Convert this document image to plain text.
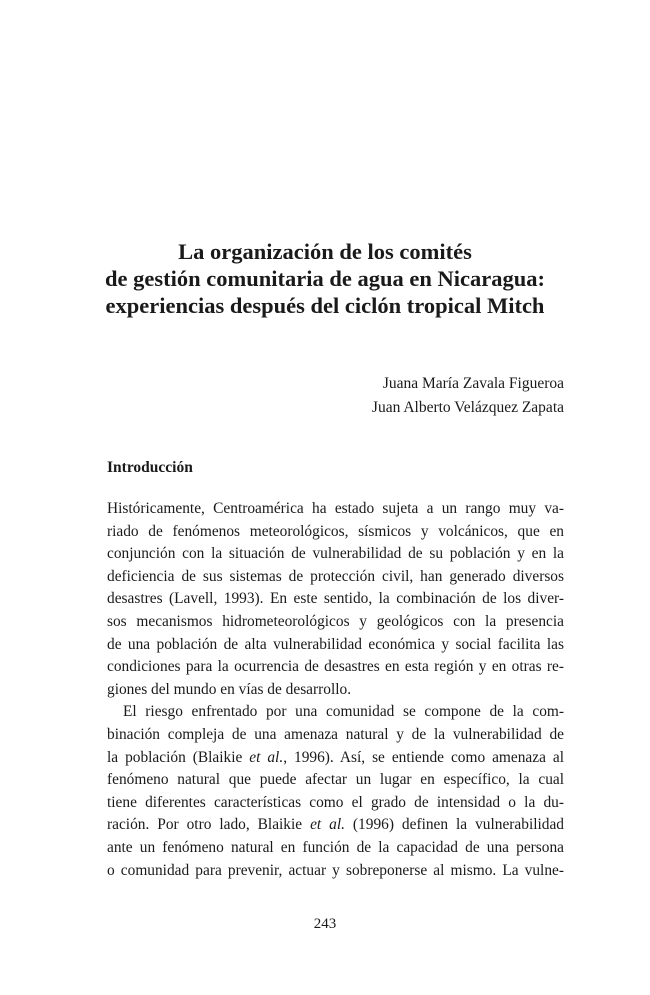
La organización de los comités
de gestión comunitaria de agua en Nicaragua:
experiencias después del ciclón tropical Mitch
Juana María Zavala Figueroa
Juan Alberto Velázquez Zapata
Introducción

Históricamente, Centroamérica ha estado sujeta a un rango muy va-
riado de fenómenos meteorológicos, sísmicos y volcánicos, que en
conjunción con la situación de vulnerabilidad de su población y en la
deficiencia de sus sistemas de protección civil, han generado diversos
desastres (Lavell, 1993). En este sentido, la combinación de los diver-
sos mecanismos hidrometeorológicos y geológicos con la presencia
de una población de alta vulnerabilidad económica y social facilita las
condiciones para la ocurrencia de desastres en esta región y en otras re-
giones del mundo en vías de desarrollo.

El riesgo enfrentado por una comunidad se compone de la com-
binación compleja de una amenaza natural y de la vulnerabilidad de
la población (Blaikie et al., 1996). Así, se entiende como amenaza al
fenómeno natural que puede afectar un lugar en específico, la cual
tiene diferentes características como el grado de intensidad o la du-
ración. Por otro lado, Blaikie et al. (1996) definen la vulnerabilidad
ante un fenómeno natural en función de la capacidad de una persona
o comunidad para prevenir, actuar y sobreponerse al mismo. La vulne-

243
